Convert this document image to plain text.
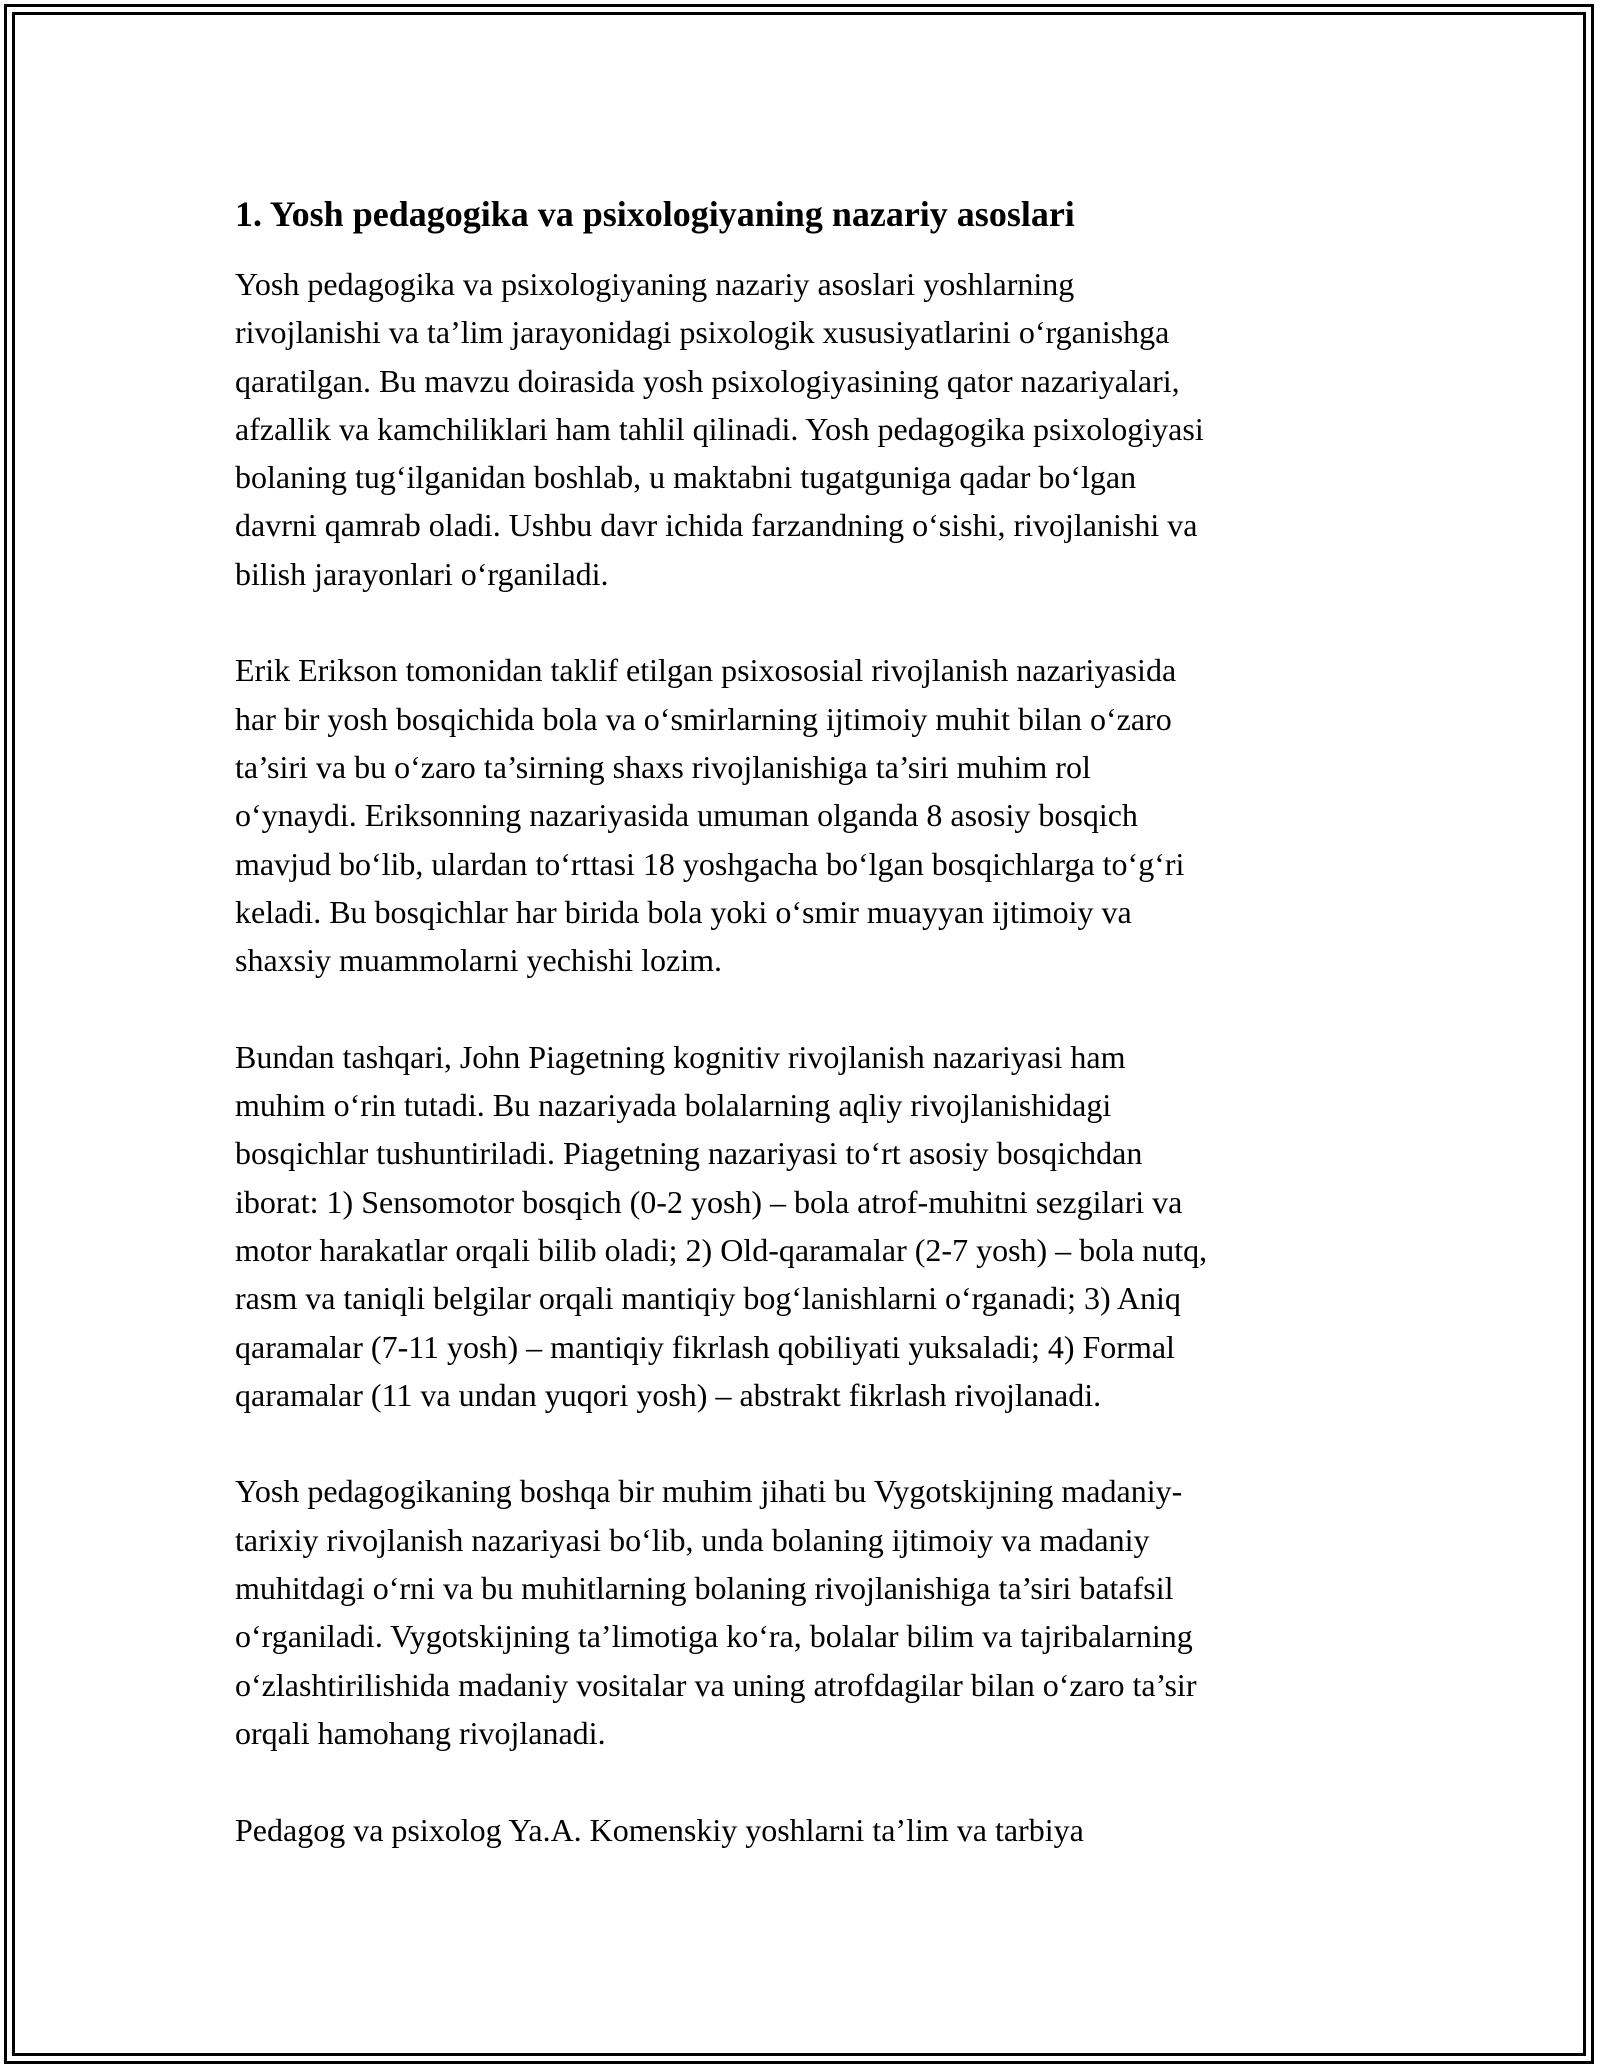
1. Yosh pedagogika va psixologiyaning nazariy asoslari

Yosh pedagogika va psixologiyaning nazariy asoslari yoshlarning
rivojlanishi va ta’lim jarayonidagi psixologik xususiyatlarini o‘rganishga
qaratilgan. Bu mavzu doirasida yosh psixologiyasining qator nazariyalari,
afzallik va kamchiliklari ham tahlil qilinadi. Yosh pedagogika psixologiyasi
bolaning tug‘ilganidan boshlab, u maktabni tugatguniga qadar bo‘lgan
davrni qamrab oladi. Ushbu davr ichida farzandning o‘sishi, rivojlanishi va
bilish jarayonlari o‘rganiladi.

Erik Erikson tomonidan taklif etilgan psixososial rivojlanish nazariyasida
har bir yosh bosqichida bola va o‘smirlarning ijtimoiy muhit bilan o‘zaro
ta’siri va bu o‘zaro ta’sirning shaxs rivojlanishiga ta’siri muhim rol
o‘ynaydi. Eriksonning nazariyasida umuman olganda 8 asosiy bosqich
mavjud bo‘lib, ulardan to‘rttasi 18 yoshgacha bo‘lgan bosqichlarga to‘g‘ri
keladi. Bu bosqichlar har birida bola yoki o‘smir muayyan ijtimoiy va
shaxsiy muammolarni yechishi lozim.

Bundan tashqari, John Piagetning kognitiv rivojlanish nazariyasi ham
muhim o‘rin tutadi. Bu nazariyada bolalarning aqliy rivojlanishidagi
bosqichlar tushuntiriladi. Piagetning nazariyasi to‘rt asosiy bosqichdan
iborat: 1) Sensomotor bosqich (0-2 yosh) – bola atrof-muhitni sezgilari va
motor harakatlar orqali bilib oladi; 2) Old-qaramalar (2-7 yosh) – bola nutq,
rasm va taniqli belgilar orqali mantiqiy bog‘lanishlarni o‘rganadi; 3) Aniq
qaramalar (7-11 yosh) – mantiqiy fikrlash qobiliyati yuksaladi; 4) Formal
qaramalar (11 va undan yuqori yosh) – abstrakt fikrlash rivojlanadi.

Yosh pedagogikaning boshqa bir muhim jihati bu Vygotskijning madaniy-
tarixiy rivojlanish nazariyasi bo‘lib, unda bolaning ijtimoiy va madaniy
muhitdagi o‘rni va bu muhitlarning bolaning rivojlanishiga ta’siri batafsil
o‘rganiladi. Vygotskijning ta’limotiga ko‘ra, bolalar bilim va tajribalarning
o‘zlashtirilishida madaniy vositalar va uning atrofdagilar bilan o‘zaro ta’sir
orqali hamohang rivojlanadi.

Pedagog va psixolog Ya.A. Komenskiy yoshlarni ta’lim va tarbiya
